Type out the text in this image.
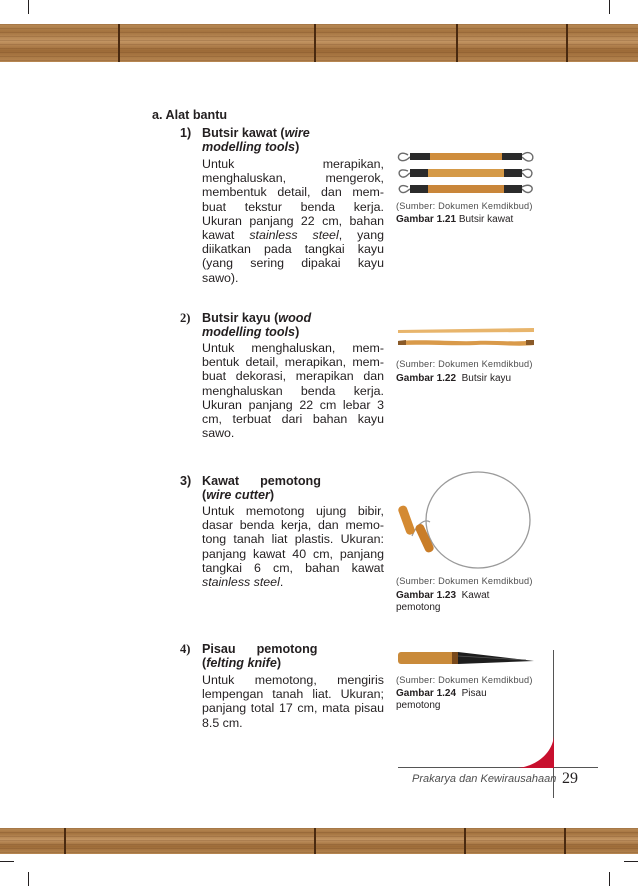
a. Alat bantu
1) Butsir kawat (wire modelling tools)
Untuk merapikan,
menghaluskan, mengerok,
membentuk detail, dan mem-
buat tekstur benda kerja.
Ukuran panjang 22 cm, bahan
kawat stainless steel, yang
diikatkan pada tangkai kayu
(yang sering dipakai kayu
sawo).
(Sumber: Dokumen Kemdikbud)
Gambar 1.21 Butsir kawat
2) Butsir kayu (wood modelling tools)
Untuk menghaluskan, mem-
bentuk detail, merapikan, mem-
buat dekorasi, merapikan dan
menghaluskan benda kerja.
Ukuran panjang 22 cm lebar 3
cm, terbuat dari bahan kayu
sawo.
(Sumber: Dokumen Kemdikbud)
Gambar 1.22 Butsir kayu
3) Kawat      pemotong
(wire cutter)
Untuk memotong ujung bibir,
dasar benda kerja, dan memo-
tong tanah liat plastis. Ukuran:
panjang kawat 40 cm, panjang
tangkai 6 cm, bahan kawat
stainless steel.	(Sumber: Dokumen Kemdikbud)
Gambar 1.23 Kawat
pemotong
4) Pisau      pemotong
(felting knife)
Untuk memotong, mengiris
lempengan tanah liat. Ukuran;
panjang total 17 cm, mata pisau
8.5 cm.
(Sumber: Dokumen Kemdikbud)
Gambar 1.24 Pisau
pemotong
Prakarya dan Kewirausahaan 29
